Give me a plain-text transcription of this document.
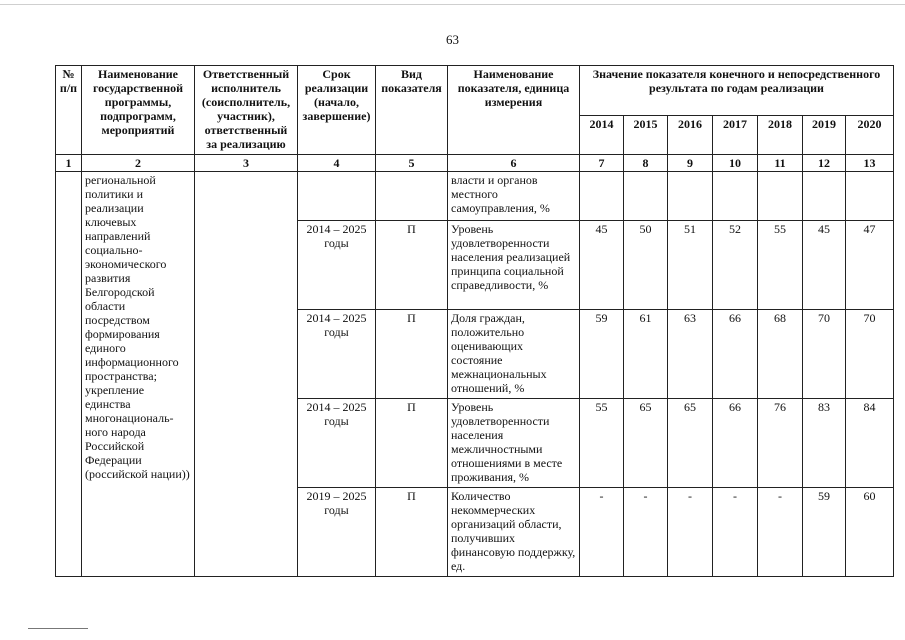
63
№ п/п	Наименование государственной программы, подпрограмм, мероприятий	Ответственный исполнитель (соисполнитель, участник), ответственный за реализацию	Срок реализации (начало, завершение)	Вид показателя	Наименование показателя, единица измерения	Значение показателя конечного и непосредственного результата по годам реализации						
						2014	2015	2016	2017	2018	2019	2020
1	2	3	4	5	6	7	8	9	10	11	12	13
	региональной политики и реализации ключевых направлений социально-экономического развития Белгородской области посредством формирования единого информационного пространства; укрепление единства многонациональ-ного народа Российской Федерации (российской нации))				власти и органов местного самоуправления, %							
			2014 – 2025 годы	П	Уровень удовлетворенности населения реализацией принципа социальной справедливости, %	45	50	51	52	55	45	47
			2014 – 2025 годы	П	Доля граждан, положительно оценивающих состояние межнациональных отношений, %	59	61	63	66	68	70	70
			2014 – 2025 годы	П	Уровень удовлетворенности населения межличностными отношениями в месте проживания, %	55	65	65	66	76	83	84
			2019 – 2025 годы	П	Количество некоммерческих организаций области, получивших финансовую поддержку, ед.	-	-	-	-	-	59	60
